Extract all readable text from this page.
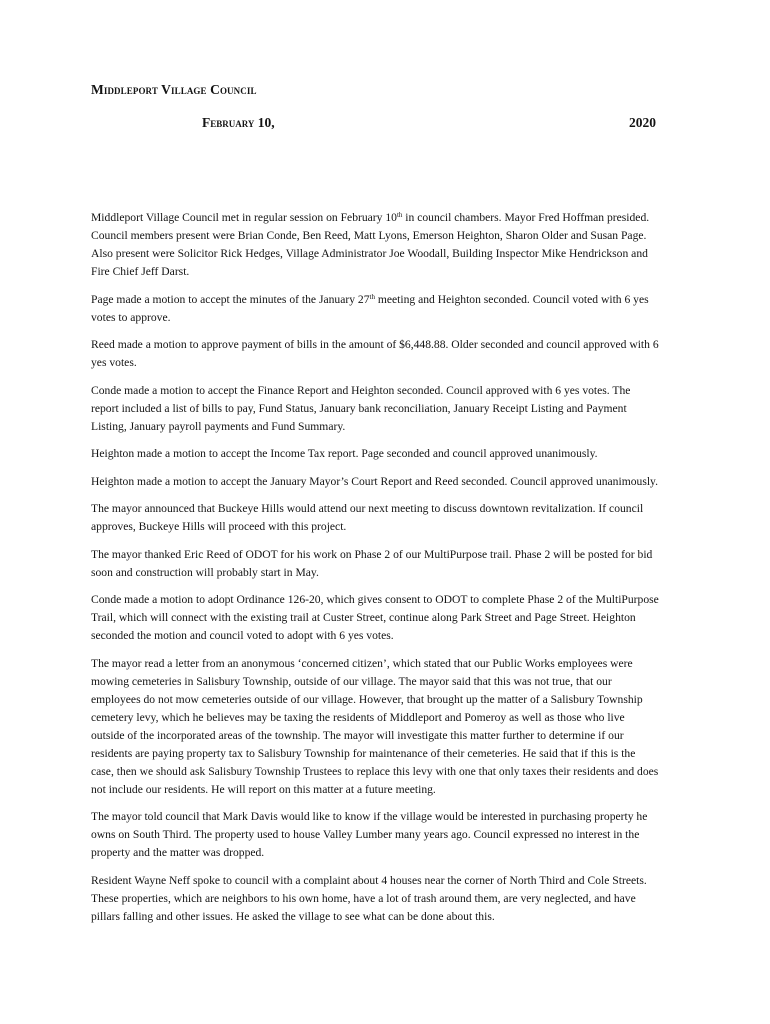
Middleport Village Council
February 10,	2020

Middleport Village Council met in regular session on February 10th in council chambers. Mayor Fred Hoffman presided. Council members present were Brian Conde, Ben Reed, Matt Lyons, Emerson Heighton, Sharon Older and Susan Page. Also present were Solicitor Rick Hedges, Village Administrator Joe Woodall, Building Inspector Mike Hendrickson and Fire Chief Jeff Darst.

Page made a motion to accept the minutes of the January 27th meeting and Heighton seconded. Council voted with 6 yes votes to approve.

Reed made a motion to approve payment of bills in the amount of $6,448.88. Older seconded and council approved with 6 yes votes.

Conde made a motion to accept the Finance Report and Heighton seconded. Council approved with 6 yes votes. The report included a list of bills to pay, Fund Status, January bank reconciliation, January Receipt Listing and Payment Listing, January payroll payments and Fund Summary.

Heighton made a motion to accept the Income Tax report. Page seconded and council approved unanimously.

Heighton made a motion to accept the January Mayor’s Court Report and Reed seconded. Council approved unanimously.

The mayor announced that Buckeye Hills would attend our next meeting to discuss downtown revitalization. If council approves, Buckeye Hills will proceed with this project.

The mayor thanked Eric Reed of ODOT for his work on Phase 2 of our MultiPurpose trail. Phase 2 will be posted for bid soon and construction will probably start in May.

Conde made a motion to adopt Ordinance 126-20, which gives consent to ODOT to complete Phase 2 of the MultiPurpose Trail, which will connect with the existing trail at Custer Street, continue along Park Street and Page Street. Heighton seconded the motion and council voted to adopt with 6 yes votes.

The mayor read a letter from an anonymous ‘concerned citizen’, which stated that our Public Works employees were mowing cemeteries in Salisbury Township, outside of our village. The mayor said that this was not true, that our employees do not mow cemeteries outside of our village. However, that brought up the matter of a Salisbury Township cemetery levy, which he believes may be taxing the residents of Middleport and Pomeroy as well as those who live outside of the incorporated areas of the township. The mayor will investigate this matter further to determine if our residents are paying property tax to Salisbury Township for maintenance of their cemeteries. He said that if this is the case, then we should ask Salisbury Township Trustees to replace this levy with one that only taxes their residents and does not include our residents. He will report on this matter at a future meeting.

The mayor told council that Mark Davis would like to know if the village would be interested in purchasing property he owns on South Third. The property used to house Valley Lumber many years ago. Council expressed no interest in the property and the matter was dropped.

Resident Wayne Neff spoke to council with a complaint about 4 houses near the corner of North Third and Cole Streets. These properties, which are neighbors to his own home, have a lot of trash around them, are very neglected, and have pillars falling and other issues. He asked the village to see what can be done about this.
